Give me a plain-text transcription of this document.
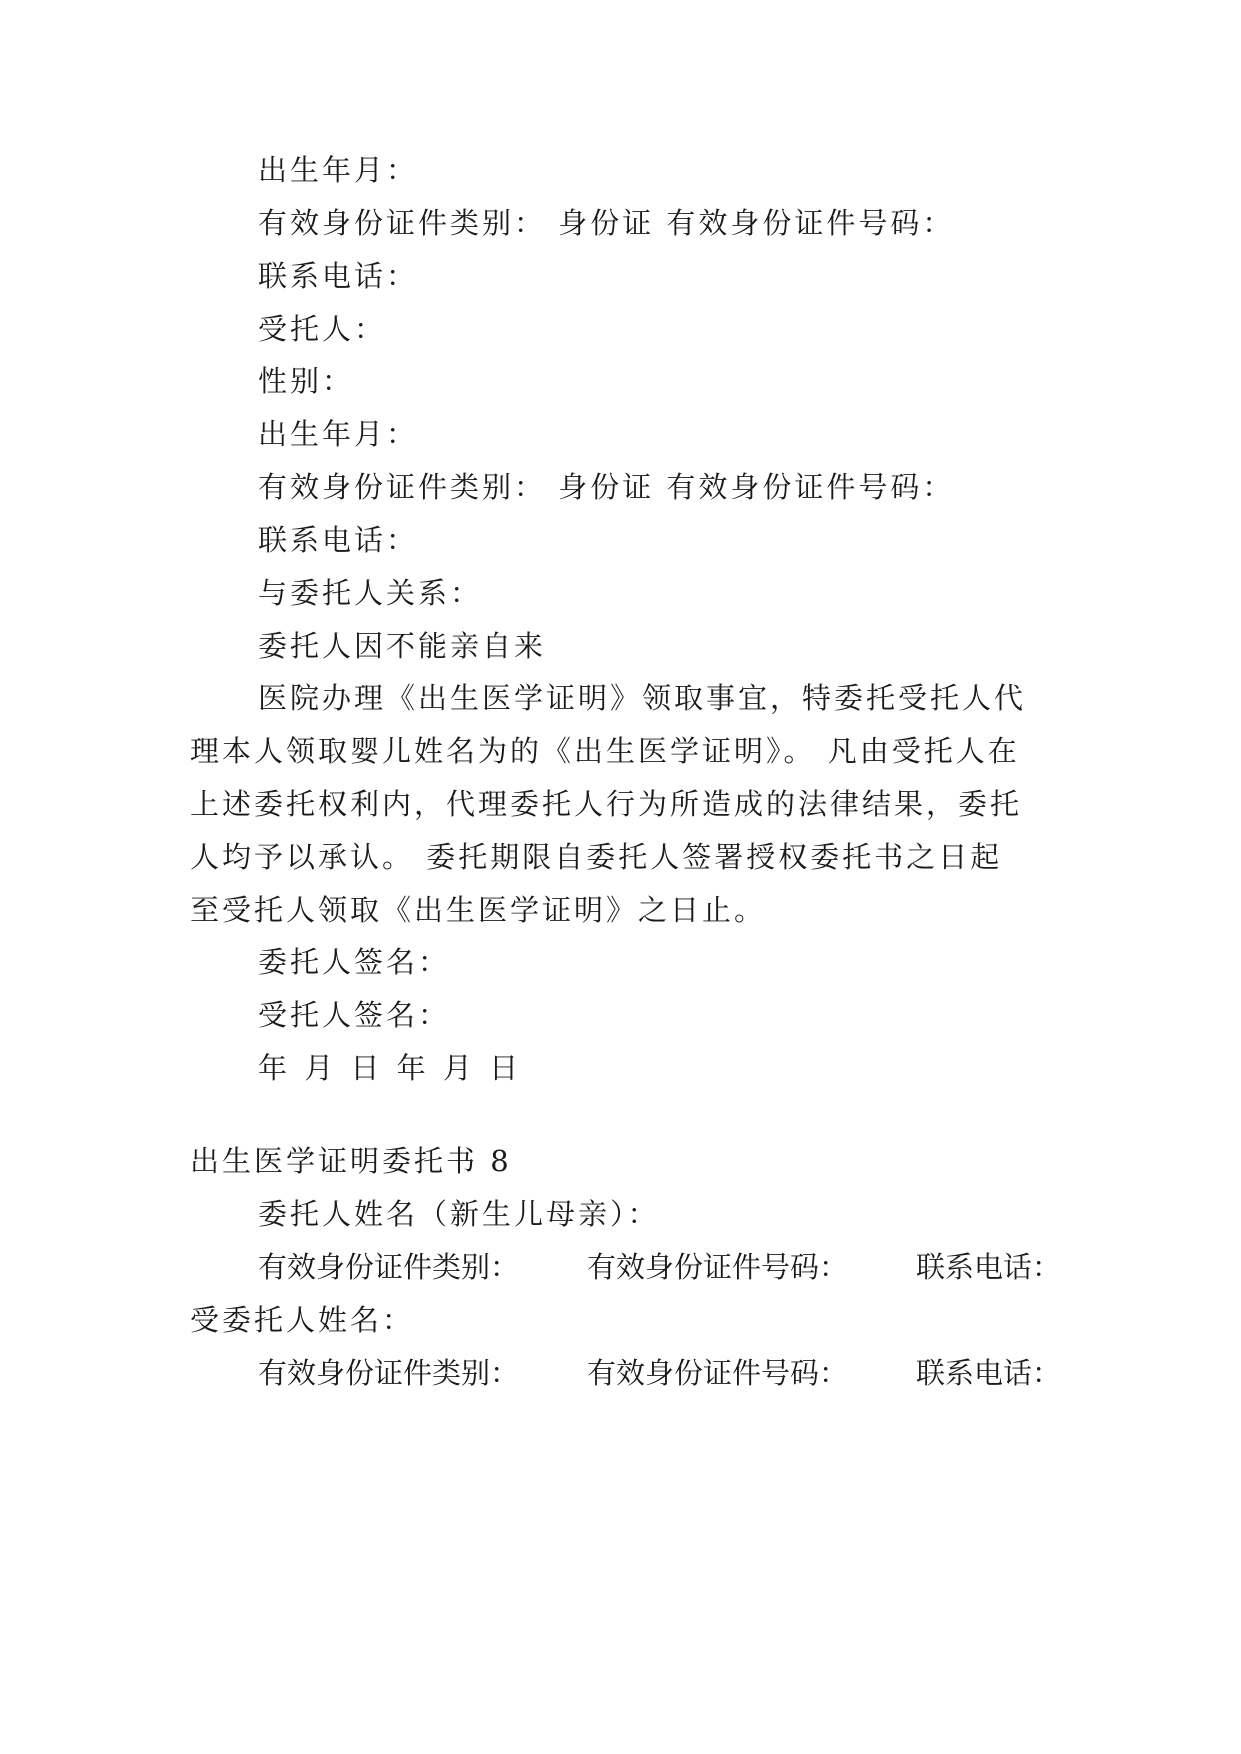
出生年月：
有效身份证件类别： 身份证 有效身份证件号码：
联系电话：
受托人：
性别：
出生年月：
有效身份证件类别： 身份证 有效身份证件号码：
联系电话：
与委托人关系：
委托人因不能亲自来
医院办理《出生医学证明》领取事宜，特委托受托人代
理本人领取婴儿姓名为的《出生医学证明》。 凡由受托人在
上述委托权利内，代理委托人行为所造成的法律结果，委托
人均予以承认。 委托期限自委托人签署授权委托书之日起
至受托人领取《出生医学证明》之日止。
委托人签名：
受托人签名：
年 月 日 年 月 日
出生医学证明委托书 8
委托人姓名（新生儿母亲）：
有效身份证件类别： 有效身份证件号码： 联系电话：
受委托人姓名：
有效身份证件类别： 有效身份证件号码： 联系电话：
